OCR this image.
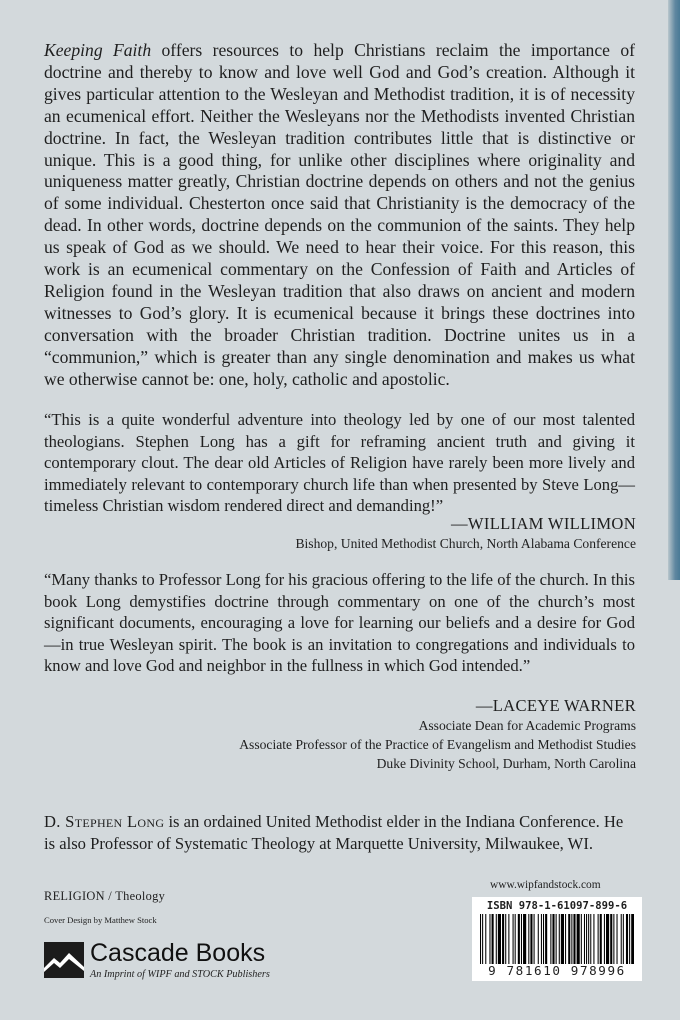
Keeping Faith offers resources to help Christians reclaim the importance of doctrine and thereby to know and love well God and God’s creation. Although it gives particular attention to the Wesleyan and Methodist tradition, it is of necessity an ecumenical effort. Neither the Wesleyans nor the Methodists invented Christian doctrine. In fact, the Wesleyan tradition contributes little that is distinctive or unique. This is a good thing, for unlike other disciplines where originality and uniqueness matter greatly, Christian doctrine depends on others and not the genius of some individual. Chesterton once said that Christianity is the democracy of the dead. In other words, doctrine depends on the communion of the saints. They help us speak of God as we should. We need to hear their voice. For this reason, this work is an ecumenical commentary on the Confession of Faith and Articles of Religion found in the Wesleyan tradition that also draws on ancient and modern witnesses to God’s glory. It is ecumenical because it brings these doctrines into conversation with the broader Christian tradition. Doctrine unites us in a “communion,” which is greater than any single denomination and makes us what we otherwise cannot be: one, holy, catholic and apostolic.

“This is a quite wonderful adventure into theology led by one of our most talented theologians. Stephen Long has a gift for reframing ancient truth and giving it contemporary clout. The dear old Articles of Religion have rarely been more lively and immediately relevant to contemporary church life than when presented by Steve Long—timeless Christian wisdom rendered direct and demanding!”

—WILLIAM WILLIMON
Bishop, United Methodist Church, North Alabama Conference

“Many thanks to Professor Long for his gracious offering to the life of the church. In this book Long demystifies doctrine through commentary on one of the church’s most significant documents, encouraging a love for learning our beliefs and a desire for God—in true Wesleyan spirit. The book is an invitation to congregations and individuals to know and love God and neighbor in the fullness in which God intended.”

—LACEYE WARNER
Associate Dean for Academic Programs
Associate Professor of the Practice of Evangelism and Methodist Studies
Duke Divinity School, Durham, North Carolina

D. Stephen Long is an ordained United Methodist elder in the Indiana Conference. He is also Professor of Systematic Theology at Marquette University, Milwaukee, WI.

RELIGION / Theology
Cover Design by Matthew Stock
Cascade Books
An Imprint of WIPF and STOCK Publishers
www.wipfandstock.com
ISBN 978-1-61097-899-6
9 781610 978996
